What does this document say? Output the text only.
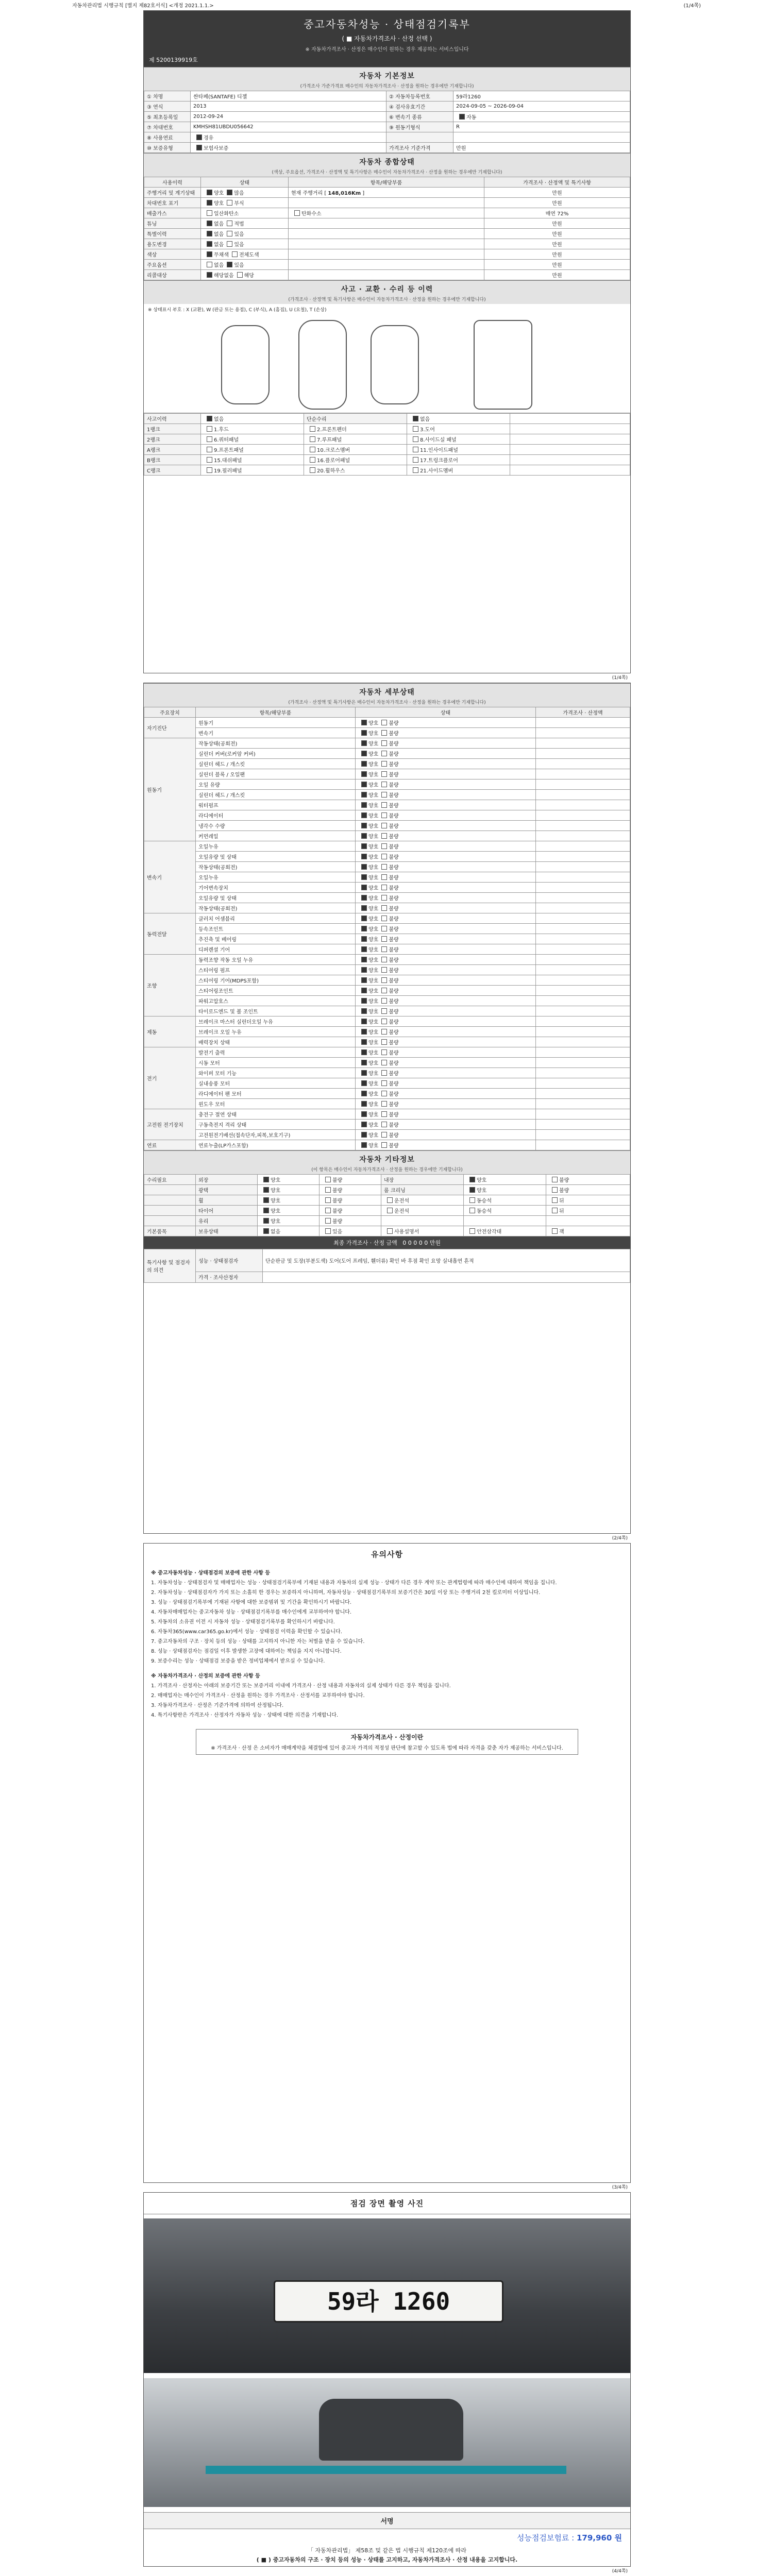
자동차관리법 시행규칙 [별지 제82호서식] <개정 2021.1.1.>	(1/4쪽)
중고자동차성능 · 상태점검기록부
( ■ 자동차가격조사 · 산정 선택 )
※ 자동차가격조사 · 산정은 매수인이 원하는 경우 제공하는 서비스입니다
제 5200139919호
자동차 기본정보
(가격조사 가준가격표 매수인의 자동차가격조사 · 산정을 원하는 경우에만 기재합니다)
① 차명	싼타페(SANTAFE) 디젤	② 자동차등록번호	59라1260
③ 연식	2013	④ 검사유효기간	2024-09-05 ~ 2026-09-04
⑤ 최초등록일	2012-09-24	⑥ 변속기 종류	자동
⑦ 차대번호	KMHSH81UBDU056642	⑨ 원동기형식	R
⑧ 사용연료	경유		
⑩ 보증유형	보험사보증	가격조사 기준가격	만원
자동차 종합상태
(색상, 주요옵션, 가격조사 · 산정액 및 특기사항은 매수인이 자동차가격조사 · 산정을 원하는 경우에만 기재합니다)
사용이력	상태	항목/해당부품	가격조사 · 산정액 및 특기사항
주행거리 및 계기상태	양호 많음	현재 주행거리 [ 148,016Km ]	만원
차대번호 표기	양호 부식		만원
배출가스	일산화탄소	탄화수소	매연 72%
튜닝	없음 적법		만원
특별이력	없음 있음		만원
용도변경	없음 있음		만원
색상	무채색 전체도색		만원
주요옵션	없음 있음		만원
리콜대상	해당없음 해당		만원
사고 · 교환 · 수리 등 이력
(가격조사 · 산정액 및 특기사항은 매수인이 자동차가격조사 · 산정을 원하는 경우에만 기재합니다)
※ 상태표시 부호 : X (교환), W (판금 또는 용접), C (부식), A (흠집), U (요철), T (손상)
사고이력	없음	단순수리	없음	
1랭크	1.후드	2.프론트펜더	3.도어	
2랭크	6.쿼터패널	7.루프패널	8.사이드실 패널	
A랭크	9.프론트패널	10.크로스멤버	11.인사이드패널	
B랭크	15.대쉬패널	16.플로어패널	17.트렁크플로어	
C랭크	19.필러패널	20.휠하우스	21.사이드멤버	
(1/4쪽)
자동차 세부상태
(가격조사 · 산정액 및 특기사항은 매수인이 자동차가격조사 · 산정을 원하는 경우에만 기재합니다)
주요장치	항목/해당부품	상태	가격조사 · 산정액
자기진단	원동기	양호 불량	
	변속기	양호 불량	
원동기	작동상태(공회전)	양호 불량	
	실린더 커버(로커암 커버)	양호 불량	
	실린더 헤드 / 개스킷	양호 불량	
	실린더 블록 / 오일팬	양호 불량	
	오일 유량	양호 불량	
	실린더 헤드 / 개스킷	양호 불량	
	워터펌프	양호 불량	
	라디에이터	양호 불량	
	냉각수 수량	양호 불량	
	커먼레일	양호 불량	
변속기	오일누유	양호 불량	
	오일유량 및 상태	양호 불량	
	작동상태(공회전)	양호 불량	
	오일누유	양호 불량	
	기어변속장치	양호 불량	
	오일유량 및 상태	양호 불량	
	작동상태(공회전)	양호 불량	
동력전달	클러치 어셈블리	양호 불량	
	등속조인트	양호 불량	
	추진축 및 베어링	양호 불량	
	디퍼렌셜 기어	양호 불량	
조향	동력조향 작동 오일 누유	양호 불량	
	스티어링 펌프	양호 불량	
	스티어링 기어(MDPS포함)	양호 불량	
	스티어링조인트	양호 불량	
	파워고압호스	양호 불량	
	타이로드엔드 및 볼 조인트	양호 불량	
제동	브레이크 마스터 실린더오일 누유	양호 불량	
	브레이크 오일 누유	양호 불량	
	배력장치 상태	양호 불량	
전기	발전기 출력	양호 불량	
	시동 모터	양호 불량	
	와이퍼 모터 기능	양호 불량	
	실내송풍 모터	양호 불량	
	라디에이터 팬 모터	양호 불량	
	윈도우 모터	양호 불량	
고전원 전기장치	충전구 절연 상태	양호 불량	
	구동축전지 격리 상태	양호 불량	
	고전원전기배선(접속단자,피복,보호기구)	양호 불량	
연료	연료누출(LP가스포함)	양호 불량	
자동차 기타정보
(이 항목은 매수인이 자동차가격조사 · 산정을 원하는 경우에만 기재합니다)
수리필요	외장	양호	불량	내장	양호	불량
	광택	양호	불량	룸 크리닝	양호	불량
	휠	양호	불량	운전석	동승석	뒤
	타이어	양호	불량	운전석	동승석	뒤
	유리	양호	불량			
기본품목	보유상태	없음	있음	사용설명서	안전삼각대	잭
최종 가격조사 · 산정 금액 0 0 0 0 0 만원
특기사항 및 점검자의 의견	성능 · 상태점검자	단순판금 및 도장(부분도색) 도어(도어 프레임, 휀더류) 확인 바 후점 확인 요망 실내흡연 흔적
	가격 · 조사산정자	
(2/4쪽)
유의사항

※ 중고자동차성능 · 상태점검의 보증에 관한 사항 등

1. 자동차성능 · 상태점검자 및 매매업자는 성능 · 상태점검기록부에 기재된 내용과 자동차의 실제 성능 · 상태가 다른 경우 계약 또는 관계법령에 따라 매수인에 대하여 책임을 집니다.

2. 자동차성능 · 상태점검자가 가지 또는 소홀히 한 경우는 보증하지 아니하며, 자동차성능 · 상태점검기록부의 보증기간은 30일 이상 또는 주행거리 2천 킬로미터 이상입니다.

3. 성능 · 상태점검기록부에 기재된 사항에 대한 보증범위 및 기간을 확인하시기 바랍니다.

4. 자동차매매업자는 중고자동차 성능 · 상태점검기록부를 매수인에게 교부하여야 합니다.

5. 자동차의 소유권 이전 시 자동차 성능 · 상태점검기록부를 확인하시기 바랍니다.

6. 자동차365(www.car365.go.kr)에서 성능 · 상태점검 이력을 확인할 수 있습니다.

7. 중고자동차의 구조 · 장치 등의 성능 · 상태를 고지하지 아니한 자는 처벌을 받을 수 있습니다.

8. 성능 · 상태점검자는 점검일 이후 발생한 고장에 대하여는 책임을 지지 아니합니다.

9. 보증수리는 성능 · 상태점검 보증을 받은 정비업체에서 받으실 수 있습니다.

※ 자동차가격조사 · 산정의 보증에 관한 사항 등

1. 가격조사 · 산정자는 아래의 보증기간 또는 보증거리 이내에 가격조사 · 산정 내용과 자동차의 실제 상태가 다른 경우 책임을 집니다.

2. 매매업자는 매수인이 가격조사 · 산정을 원하는 경우 가격조사 · 산정서를 교부하여야 합니다.

3. 자동차가격조사 · 산정은 기준가격에 의하여 산정됩니다.

4. 특기사항란은 가격조사 · 산정자가 자동차 성능 · 상태에 대한 의견을 기재합니다.

자동차가격조사 · 산정이란
※ 가격조사 · 산정 은 소비자가 매매계약을 체결함에 있어 중고차 가격의 적정성 판단에 참고할 수 있도록 법에 따라 자격을 갖춘 자가 제공하는 서비스입니다.
(3/4쪽)
점검 장면 촬영 사진
59라 1260
서명
성능점검보험료 : 179,960 원
「 자동차관리법」 제58조 및 같은 법 시행규칙 제120조에 따라
( ■ ) 중고자동차의 구조 · 장치 등의 성능 · 상태를 고지하고, 자동차가격조사 · 산정 내용을 고지합니다.
(4/4쪽)
